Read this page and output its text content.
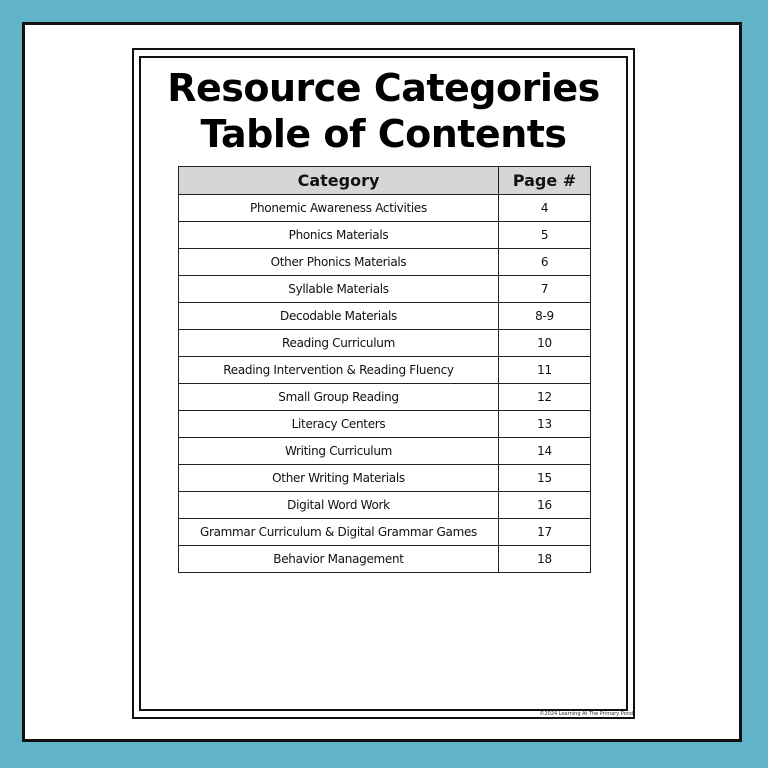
Resource Categories
Table of Contents
Category	Page #
Phonemic Awareness Activities	4
Phonics Materials	5
Other Phonics Materials	6
Syllable Materials	7
Decodable Materials	8-9
Reading Curriculum	10
Reading Intervention & Reading Fluency	11
Small Group Reading	12
Literacy Centers	13
Writing Curriculum	14
Other Writing Materials	15
Digital Word Work	16
Grammar Curriculum & Digital Grammar Games	17
Behavior Management	18
©2024 Learning At The Primary Pond
